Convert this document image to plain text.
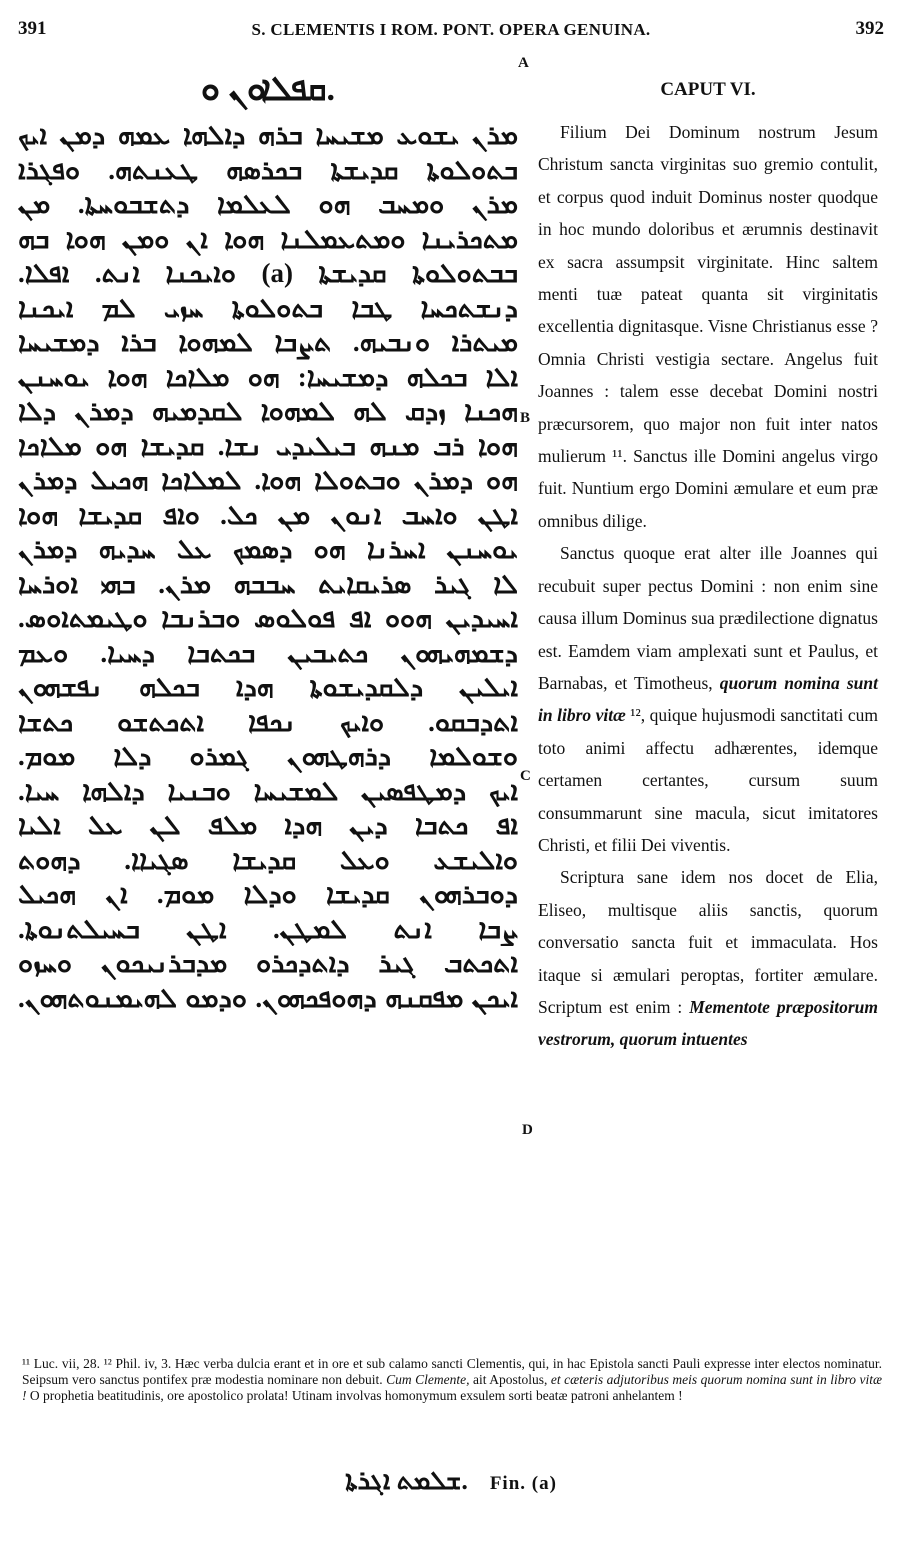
391	S. CLEMENTIS I ROM. PONT. OPERA GENUINA.	392
A
B
C
D
ܩܦܠܐܘܢ ܘ.
ܡܪܢ ܝܫܘܥ ܡܫܝܚܐ ܒܪܗ ܕܐܠܗܐ ܥܡܗ ܕܡܢ ܐܝܟ
ܒܬܘܠܘܬܐ ܩܕܝܫܬܐ ܒܟܪܣܗ ܛܥܢܬܗ. ܘܦܓܪܐ
ܡܪܢ ܘܡܚܒ ܗܘ ܠܥܠܡܐ ܕܬܫܒܘܚܬܐ. ܡܢ
ܡܬܟܪܝܢܐ ܘܡܬܥܡܠܢܐ ܗܘܐ ܐܢ ܘܡܢ ܗܘܐ ܒܗ
ܒܒܬܘܠܘܬܐ ܩܕܝܫܬܐ (a) ܘܐܝܟܢܐ ܐܢܬ. ܐܦܠܐ.
ܕܢܫܬܟܚܐ ܛܒܐ ܒܬܘܠܘܬܐ ܚܙܝ ܠܡ ܐܝܟܢܐ
ܡܝܬܪܐ ܘܢܒܝܗ. ܬܨܒܐ ܠܡܗܘܐ ܒܪܐ ܕܡܫܝܚܐ
ܐܠܐ ܒܟܠܗ ܕܡܫܝܚܐ: ܗܘ ܡܠܐܟܐ ܗܘܐ ܝܘܚܢܢ
ܗܟܢܐ ܙܕܩ ܠܗ ܠܡܗܘܐ ܠܩܕܡܝܗ ܕܡܪܢ ܕܠܐ
ܗܘܐ ܪܒ ܡܢܗ ܒܝܠܝܕܝ ܢܫܐ. ܩܕܝܫܐ ܗܘ ܡܠܐܟܐ
ܗܘ ܕܡܪܢ ܘܒܬܘܠܐ ܗܘܐ. ܠܡܠܐܟܐ ܗܟܝܠ ܕܡܪܢ
ܐܛܢ ܘܐܚܒ ܐܢܘܢ ܡܢ ܟܠ. ܘܐܦ ܩܕܝܫܐ ܗܘܐ
ܝܘܚܢܢ ܐܚܪܢܐ ܗܘ ܕܣܡܟ ܥܠ ܚܕܝܗ ܕܡܪܢ
ܠܐ ܓܝܪ ܣܪܝܩܐܝܬ ܚܒܒܗ ܡܪܢ. ܒܗܝ ܐܘܪܚܐ
ܐܚܝܕܝܢ ܗܘܘ ܐܦ ܦܘܠܘܣ ܘܒܪܢܒܐ ܘܛܝܡܬܐܘܣ.
ܕܫܡܗܝܗܘܢ ܟܬܝܒܝܢ ܒܟܬܒܐ ܕܚܝܐ. ܘܥܡ
ܐܝܠܝܢ ܕܠܩܕܝܫܘܬܐ ܗܕܐ ܒܟܠܗ ܢܦܫܗܘܢ
ܐܬܕܒܩܘ. ܘܐܝܟ ܢܟܦܐ ܐܬܟܬܫܘ ܟܬܫܐ
ܘܫܘܠܡܐ ܕܪܗܛܗܘܢ ܓܡܪܘ ܕܠܐ ܡܘܡ.
ܐܝܟ ܕܡܛܦܣܝܢ ܠܡܫܝܚܐ ܘܒܢܝܐ ܕܐܠܗܐ ܚܝܐ.
ܐܦ ܟܬܒܐ ܕܝܢ ܗܕܐ ܡܠܦ ܠܢ ܥܠ ܐܠܝܐ
ܘܐܠܝܫܥ ܘܥܠ ܩܕܝܫܐ ܣܓܝܐܐ. ܕܗܘܬ
ܕܘܒܪܗܘܢ ܩܕܝܫܐ ܘܕܠܐ ܡܘܡ. ܐܢ ܗܟܝܠ
ܨܒܐ ܐܢܬ ܠܡܛܢ. ܐܛܢ ܒܚܝܠܬܢܘܬܐ.
ܐܬܟܬܒ ܓܝܪ ܕܐܬܕܟܪܘ ܡܕܒܪܢܝܟܘܢ ܘܚܙܘ
ܐܝܟܢ ܡܦܩܢܗ ܕܗܘܦܟܗܘܢ. ܘܕܡܘ ܠܗܝܡܢܘܬܗܘܢ.
CAPUT VI.

Filium Dei Dominum nostrum Jesum Christum sancta virginitas suo gremio contulit, et corpus quod induit Dominus noster quodque in hoc mundo doloribus et ærumnis destinavit ex sacra assumpsit virginitate. Hinc saltem menti tuæ pateat quanta sit virginitatis excellentia dignitasque. Visne Christianus esse ? Omnia Christi vestigia sectare. Angelus fuit Joannes : talem esse decebat Domini nostri præcursorem, quo major non fuit inter natos mulierum ¹¹. Sanctus ille Domini angelus virgo fuit. Nuntium ergo Domini æmulare et eum præ omnibus dilige.

Sanctus quoque erat alter ille Joannes qui recubuit super pectus Domini : non enim sine causa illum Dominus sua prædilectione dignatus est. Eamdem viam amplexati sunt et Paulus, et Barnabas, et Timotheus, quorum nomina sunt in libro vitæ ¹², quique hujusmodi sanctitati cum toto animi affectu adhærentes, idemque certamen certantes, cursum suum consummarunt sine macula, sicut imitatores Christi, et filii Dei viventis.

Scriptura sane idem nos docet de Elia, Eliseo, multisque aliis sanctis, quorum conversatio sancta fuit et immaculata. Hos itaque si æmulari peroptas, fortiter æmulare. Scriptum est enim : Mementote præpositorum vestrorum, quorum intuentes

¹¹ Luc. vii, 28. ¹² Phil. iv, 3. Hæc verba dulcia erant et in ore et sub calamo sancti Clementis, qui, in hac Epistola sancti Pauli expresse inter electos nominatur. Seipsum vero sanctus pontifex præ modestia nominare non debuit. Cum Clemente, ait Apostolus, et cæteris adjutoribus meis quorum nomina sunt in libro vitæ ! O prophetia beatitudinis, ore apostolico prolata! Utinam involvas homonymum exsulem sorti beatæ patroni anhelantem !
ܫܠܡܬ ܐܓܪܬܐ. Fin. (a)
